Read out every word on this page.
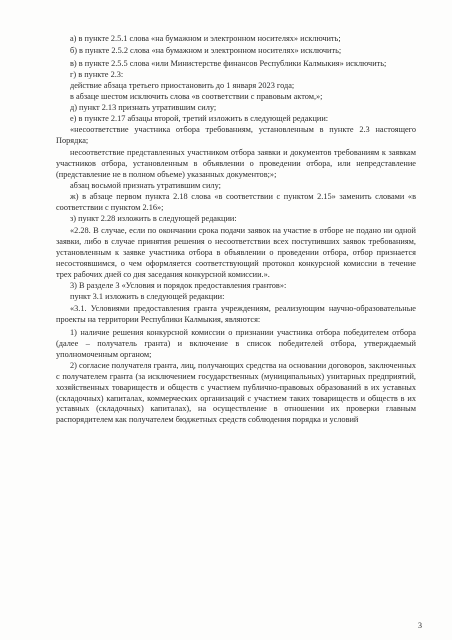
а) в пункте 2.5.1 слова «на бумажном и электронном носителях» исключить;
б) в пункте 2.5.2 слова «на бумажном и электронном носителях» исключить;
в) в пункте 2.5.5 слова «или Министерстве финансов Республики Калмыкия» исключить;
г) в пункте 2.3:
действие абзаца третьего приостановить до 1 января 2023 года;
в абзаце шестом исключить слова «в соответствии с правовым актом,»;
д) пункт 2.13 признать утратившим силу;
е) в пункте 2.17 абзацы второй, третий изложить в следующей редакции:
«несоответствие участника отбора требованиям, установленным в пункте 2.3 настоящего Порядка;
несоответствие представленных участником отбора заявки и документов требованиям к заявкам участников отбора, установленным в объявлении о проведении отбора, или непредставление (представление не в полном объеме) указанных документов;»;
абзац восьмой признать утратившим силу;
ж) в абзаце первом пункта 2.18 слова «в соответствии с пунктом 2.15» заменить словами «в соответствии с пунктом 2.16»;
з) пункт 2.28 изложить в следующей редакции:
«2.28. В случае, если по окончании срока подачи заявок на участие в отборе не подано ни одной заявки, либо в случае принятия решения о несоответствии всех поступивших заявок требованиям, установленным к заявке участника отбора в объявлении о проведении отбора, отбор признается несостоявшимся, о чем оформляется соответствующий протокол конкурсной комиссии в течение трех рабочих дней со дня заседания конкурсной комиссии.».
3) В разделе 3 «Условия и порядок предоставления грантов»:
пункт 3.1 изложить в следующей редакции:
«3.1. Условиями предоставления гранта учреждениям, реализующим научно-образовательные проекты на территории Республики Калмыкия, являются:
1) наличие решения конкурсной комиссии о признании участника отбора победителем отбора (далее – получатель гранта) и включение в список победителей отбора, утверждаемый уполномоченным органом;
2) согласие получателя гранта, лиц, получающих средства на основании договоров, заключенных с получателем гранта (за исключением государственных (муниципальных) унитарных предприятий, хозяйственных товариществ и обществ с участием публично-правовых образований в их уставных (складочных) капиталах, коммерческих организаций с участием таких товариществ и обществ в их уставных (складочных) капиталах), на осуществление в отношении их проверки главным распорядителем как получателем бюджетных средств соблюдения порядка и условий
3
